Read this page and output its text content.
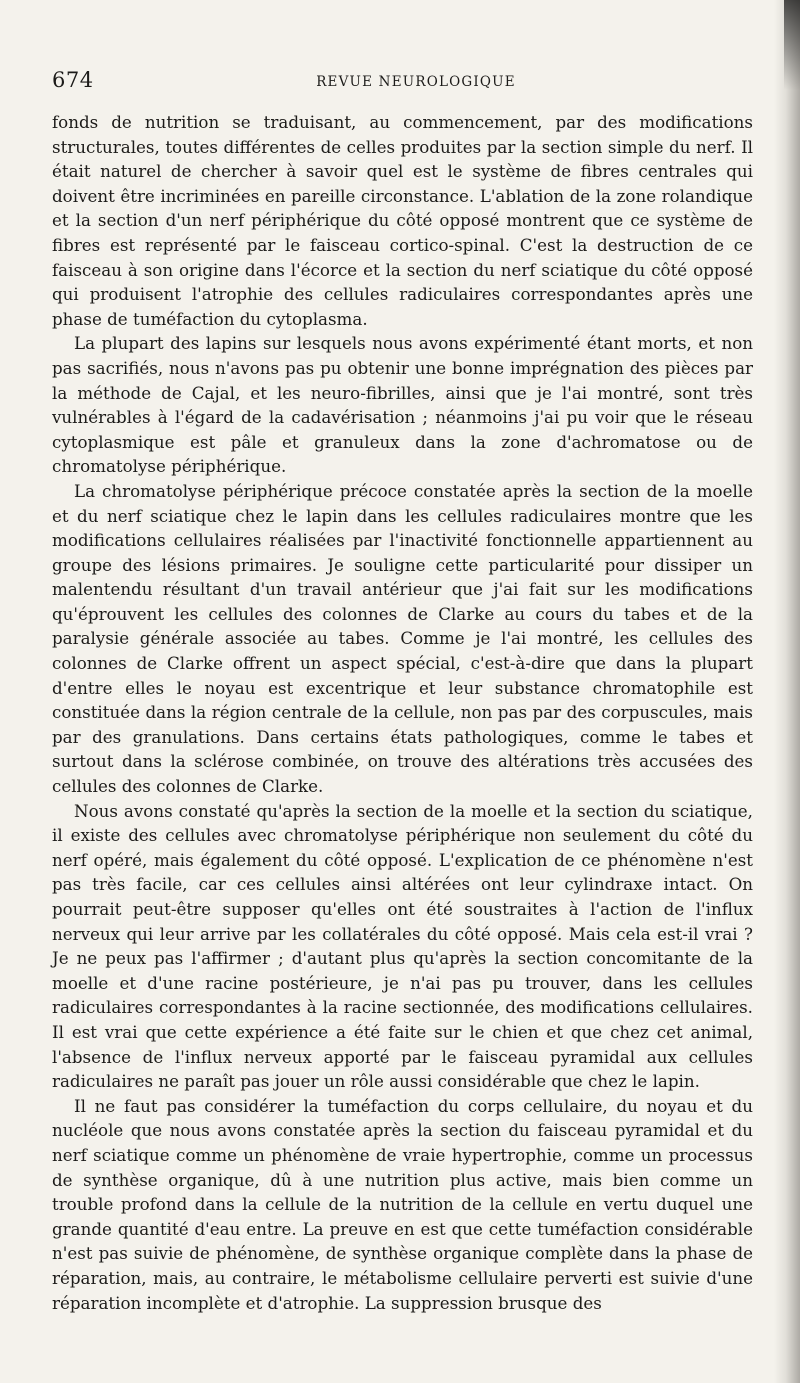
674	REVUE NEUROLOGIQUE

fonds de nutrition se traduisant, au commencement, par des modifications structurales, toutes différentes de celles produites par la section simple du nerf. Il était naturel de chercher à savoir quel est le système de fibres centrales qui doivent être incriminées en pareille circonstance. L'ablation de la zone rolandique et la section d'un nerf périphérique du côté opposé montrent que ce système de fibres est représenté par le faisceau cortico-spinal. C'est la destruction de ce faisceau à son origine dans l'écorce et la section du nerf sciatique du côté opposé qui produisent l'atrophie des cellules radiculaires correspondantes après une phase de tuméfaction du cytoplasma.

La plupart des lapins sur lesquels nous avons expérimenté étant morts, et non pas sacrifiés, nous n'avons pas pu obtenir une bonne imprégnation des pièces par la méthode de Cajal, et les neuro-fibrilles, ainsi que je l'ai montré, sont très vulnérables à l'égard de la cadavérisation ; néanmoins j'ai pu voir que le réseau cytoplasmique est pâle et granuleux dans la zone d'achromatose ou de chromatolyse périphérique.

La chromatolyse périphérique précoce constatée après la section de la moelle et du nerf sciatique chez le lapin dans les cellules radiculaires montre que les modifications cellulaires réalisées par l'inactivité fonctionnelle appartiennent au groupe des lésions primaires. Je souligne cette particularité pour dissiper un malentendu résultant d'un travail antérieur que j'ai fait sur les modifications qu'éprouvent les cellules des colonnes de Clarke au cours du tabes et de la paralysie générale associée au tabes. Comme je l'ai montré, les cellules des colonnes de Clarke offrent un aspect spécial, c'est-à-dire que dans la plupart d'entre elles le noyau est excentrique et leur substance chromatophile est constituée dans la région centrale de la cellule, non pas par des corpuscules, mais par des granulations. Dans certains états pathologiques, comme le tabes et surtout dans la sclérose combinée, on trouve des altérations très accusées des cellules des colonnes de Clarke.

Nous avons constaté qu'après la section de la moelle et la section du sciatique, il existe des cellules avec chromatolyse périphérique non seulement du côté du nerf opéré, mais également du côté opposé. L'explication de ce phénomène n'est pas très facile, car ces cellules ainsi altérées ont leur cylindraxe intact. On pourrait peut-être supposer qu'elles ont été soustraites à l'action de l'influx nerveux qui leur arrive par les collatérales du côté opposé. Mais cela est-il vrai ? Je ne peux pas l'affirmer ; d'autant plus qu'après la section concomitante de la moelle et d'une racine postérieure, je n'ai pas pu trouver, dans les cellules radiculaires correspondantes à la racine sectionnée, des modifications cellulaires. Il est vrai que cette expérience a été faite sur le chien et que chez cet animal, l'absence de l'influx nerveux apporté par le faisceau pyramidal aux cellules radiculaires ne paraît pas jouer un rôle aussi considérable que chez le lapin.

Il ne faut pas considérer la tuméfaction du corps cellulaire, du noyau et du nucléole que nous avons constatée après la section du faisceau pyramidal et du nerf sciatique comme un phénomène de vraie hypertrophie, comme un processus de synthèse organique, dû à une nutrition plus active, mais bien comme un trouble profond dans la cellule de la nutrition de la cellule en vertu duquel une grande quantité d'eau entre. La preuve en est que cette tuméfaction considérable n'est pas suivie de phénomène, de synthèse organique complète dans la phase de réparation, mais, au contraire, le métabolisme cellulaire perverti est suivie d'une réparation incomplète et d'atrophie. La suppression brusque des
